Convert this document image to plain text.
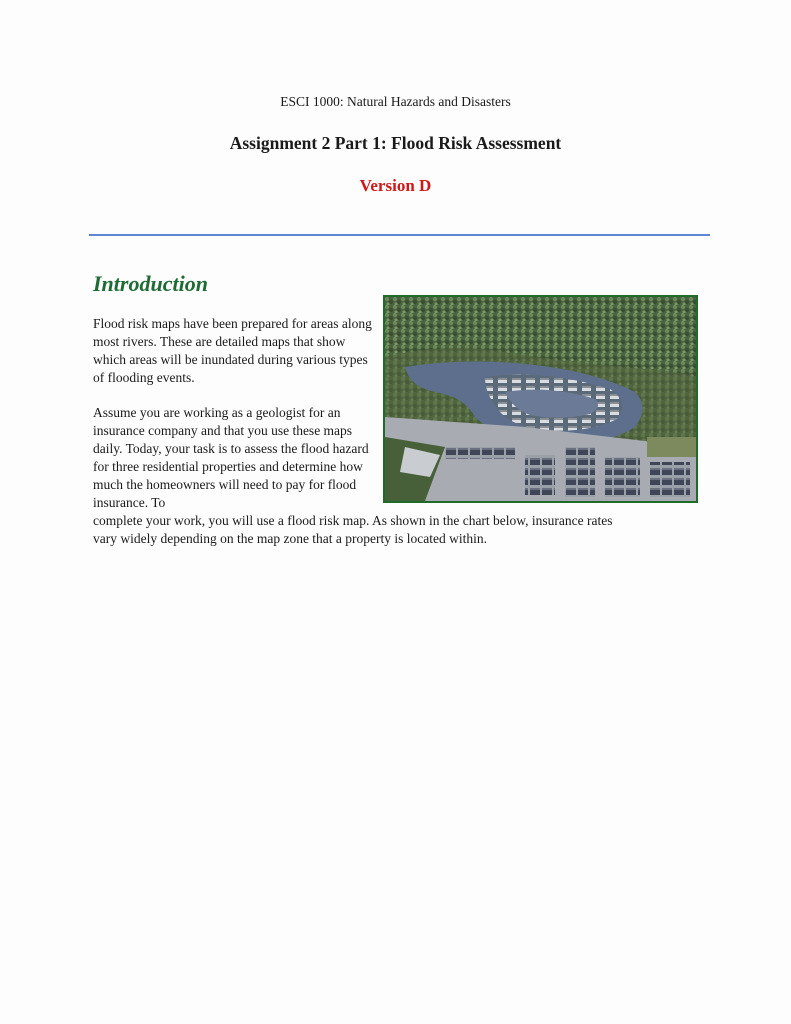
ESCI 1000: Natural Hazards and Disasters
Assignment 2 Part 1: Flood Risk Assessment
Version D
Introduction
Flood risk maps have been prepared for areas along most rivers. These are detailed maps that show which areas will be inundated during various types of flooding events.
Assume you are working as a geologist for an insurance company and that you use these maps daily. Today, your task is to assess the flood hazard for three residential properties and determine how much the homeowners will need to pay for flood insurance. To
complete your work, you will use a flood risk map. As shown in the chart below, insurance rates
vary widely depending on the map zone that a property is located within.
